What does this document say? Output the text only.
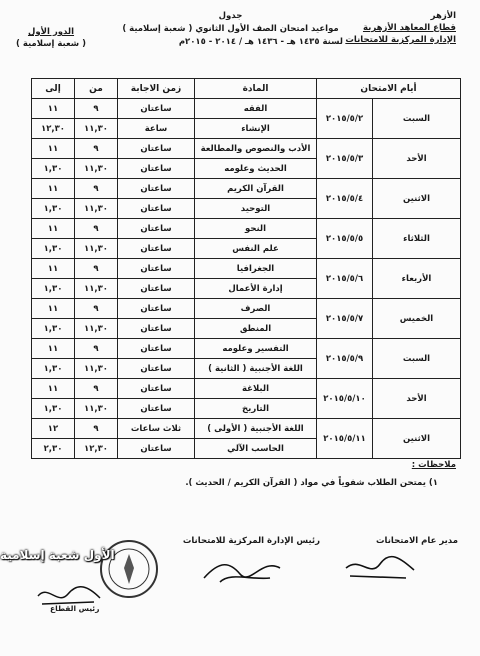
الأزهر
قطاع المعاهد الأزهرية
الإدارة المركزية للامتحانات
جدول
مواعيد امتحان الصف الأول الثانوي ( شعبة إسلامية )
لسنة ١٤٣٥ هـ - ١٤٣٦ هـ / ٢٠١٤ - ٢٠١٥م
الدور الأول
( شعبة إسلامية )
أيام الامتحان		المادة	زمن الاجابة	من	إلى
السبت	٢٠١٥/٥/٢	الفقه	ساعتان	٩	١١
		الإنشاء	ساعة	١١,٣٠	١٢,٣٠
الأحد	٢٠١٥/٥/٣	الأدب والنصوص والمطالعة	ساعتان	٩	١١
		الحديث وعلومه	ساعتان	١١,٣٠	١,٣٠
الاثنين	٢٠١٥/٥/٤	القرآن الكريم	ساعتان	٩	١١
		التوحيد	ساعتان	١١,٣٠	١,٣٠
الثلاثاء	٢٠١٥/٥/٥	النحو	ساعتان	٩	١١
		علم النفس	ساعتان	١١,٣٠	١,٣٠
الأربعاء	٢٠١٥/٥/٦	الجغرافيا	ساعتان	٩	١١
		إدارة الأعمال	ساعتان	١١,٣٠	١,٣٠
الخميس	٢٠١٥/٥/٧	الصرف	ساعتان	٩	١١
		المنطق	ساعتان	١١,٣٠	١,٣٠
السبت	٢٠١٥/٥/٩	التفسير وعلومه	ساعتان	٩	١١
		اللغة الأجنبية ( الثانية )	ساعتان	١١,٣٠	١,٣٠
الأحد	٢٠١٥/٥/١٠	البلاغة	ساعتان	٩	١١
		التاريخ	ساعتان	١١,٣٠	١,٣٠
الاثنين	٢٠١٥/٥/١١	اللغة الأجنبية ( الأولى )	ثلاث ساعات	٩	١٢
		الحاسب الآلي	ساعتان	١٢,٣٠	٢,٣٠
ملاحظات :
١) يمتحن الطلاب شفوياً في مواد ( القرآن الكريم / الحديث ).
مدير عام الامتحانات
رئيس الإدارة المركزية للامتحانات
رئيس القطاع
الأول شعبة إسلامية
